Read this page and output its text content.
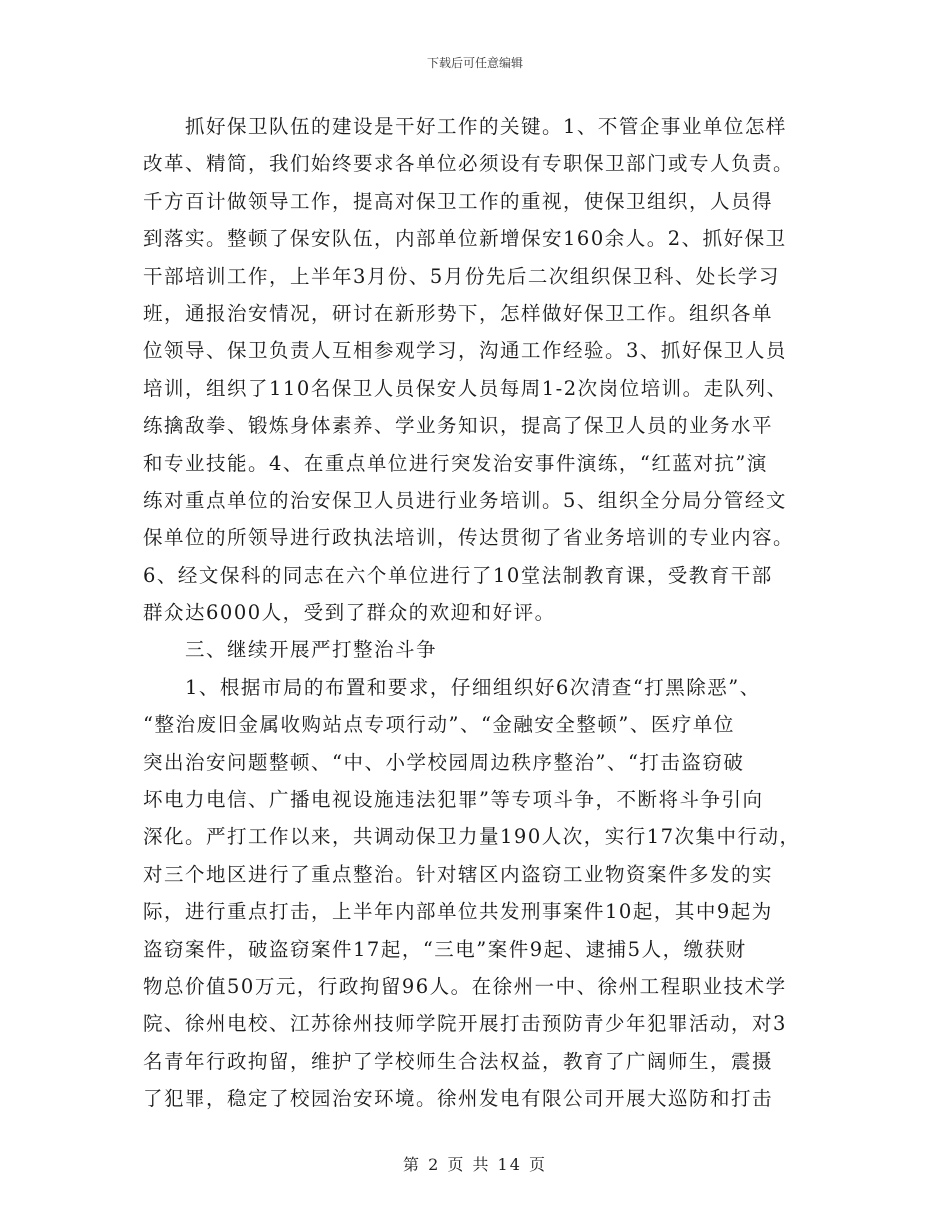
下载后可任意编辑
抓好保卫队伍的建设是干好工作的关键。1、不管企事业单位怎样
改革、精简，我们始终要求各单位必须设有专职保卫部门或专人负责。
千方百计做领导工作，提高对保卫工作的重视，使保卫组织，人员得
到落实。整顿了保安队伍，内部单位新增保安160余人。2、抓好保卫
干部培训工作，上半年3月份、5月份先后二次组织保卫科、处长学习
班，通报治安情况，研讨在新形势下，怎样做好保卫工作。组织各单
位领导、保卫负责人互相参观学习，沟通工作经验。3、抓好保卫人员
培训，组织了110名保卫人员保安人员每周1-2次岗位培训。走队列、
练擒敌拳、锻炼身体素养、学业务知识，提高了保卫人员的业务水平
和专业技能。4、在重点单位进行突发治安事件演练，“红蓝对抗”演
练对重点单位的治安保卫人员进行业务培训。5、组织全分局分管经文
保单位的所领导进行政执法培训，传达贯彻了省业务培训的专业内容。
6、经文保科的同志在六个单位进行了10堂法制教育课，受教育干部
群众达6000人，受到了群众的欢迎和好评。
三、继续开展严打整治斗争
1、根据市局的布置和要求，仔细组织好6次清查“打黑除恶”、
“整治废旧金属收购站点专项行动”、“金融安全整顿”、医疗单位
突出治安问题整顿、“中、小学校园周边秩序整治”、“打击盗窃破
坏电力电信、广播电视设施违法犯罪”等专项斗争，不断将斗争引向
深化。严打工作以来，共调动保卫力量190人次，实行17次集中行动，
对三个地区进行了重点整治。针对辖区内盗窃工业物资案件多发的实
际，进行重点打击，上半年内部单位共发刑事案件10起，其中9起为
盗窃案件，破盗窃案件17起，“三电”案件9起、逮捕5人，缴获财
物总价值50万元，行政拘留96人。在徐州一中、徐州工程职业技术学
院、徐州电校、江苏徐州技师学院开展打击预防青少年犯罪活动，对3
名青年行政拘留，维护了学校师生合法权益，教育了广阔师生，震摄
了犯罪，稳定了校园治安环境。徐州发电有限公司开展大巡防和打击
第 2 页 共 14 页
